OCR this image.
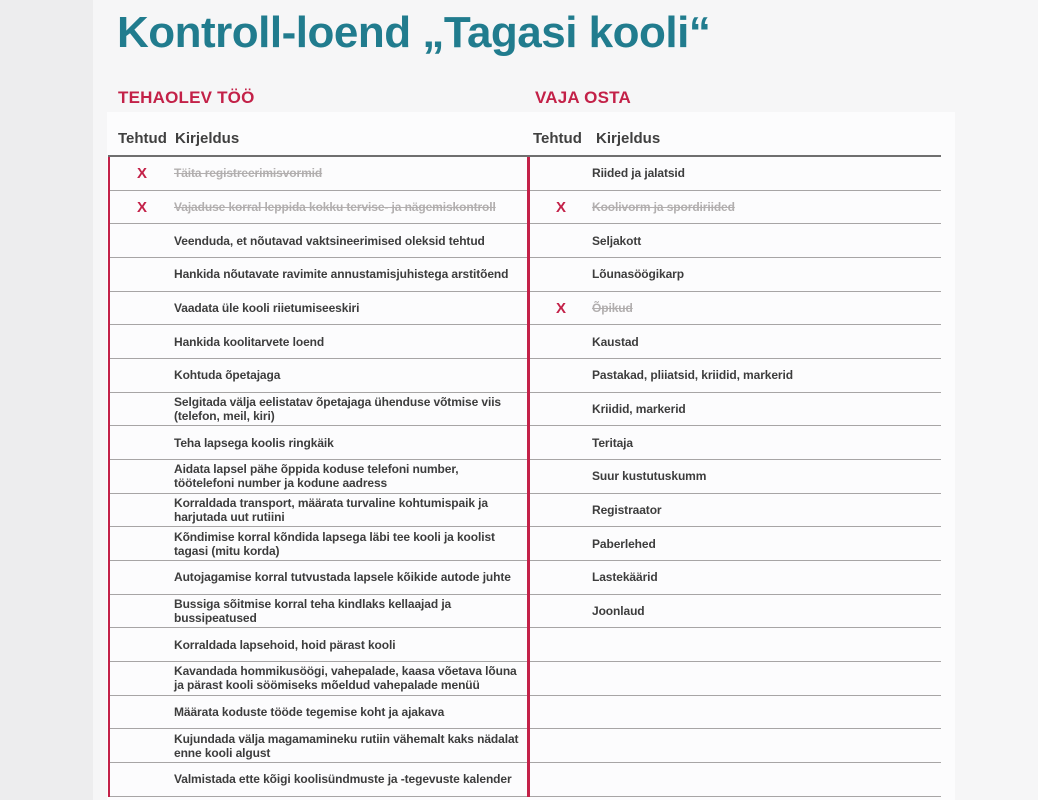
Kontroll-loend „Tagasi kooli“
TEHAOLEV TÖÖ	VAJA OSTA
Tehtud Kirjeldus	Tehtud Kirjeldus
X	Täita registreerimisvormid
X	Vajaduse korral leppida kokku tervise- ja nägemiskontroll
Veenduda, et nõutavad vaktsineerimised oleksid tehtud
Hankida nõutavate ravimite annustamisjuhistega arstitõend
Vaadata üle kooli riietumiseeskiri
Hankida koolitarvete loend
Kohtuda õpetajaga
Selgitada välja eelistatav õpetajaga ühenduse võtmise viis (telefon, meil, kiri)
Teha lapsega koolis ringkäik
Aidata lapsel pähe õppida koduse telefoni number, töötelefoni number ja kodune aadress
Korraldada transport, määrata turvaline kohtumispaik ja harjutada uut rutiini
Kõndimise korral kõndida lapsega läbi tee kooli ja koolist tagasi (mitu korda)
Autojagamise korral tutvustada lapsele kõikide autode juhte
Bussiga sõitmise korral teha kindlaks kellaajad ja bussipeatused
Korraldada lapsehoid, hoid pärast kooli
Kavandada hommikusöögi, vahepalade, kaasa võetava lõuna ja pärast kooli söömiseks mõeldud vahepalade menüü
Määrata koduste tööde tegemise koht ja ajakava
Kujundada välja magamamineku rutiin vähemalt kaks nädalat enne kooli algust
Valmistada ette kõigi koolisündmuste ja -tegevuste kalender
Riided ja jalatsid
X	Koolivorm ja spordiriided
Seljakott
Lõunasöögikarp
X	Õpikud
Kaustad
Pastakad, pliiatsid, kriidid, markerid
Kriidid, markerid
Teritaja
Suur kustutuskumm
Registraator
Paberlehed
Lastekäärid
Joonlaud
